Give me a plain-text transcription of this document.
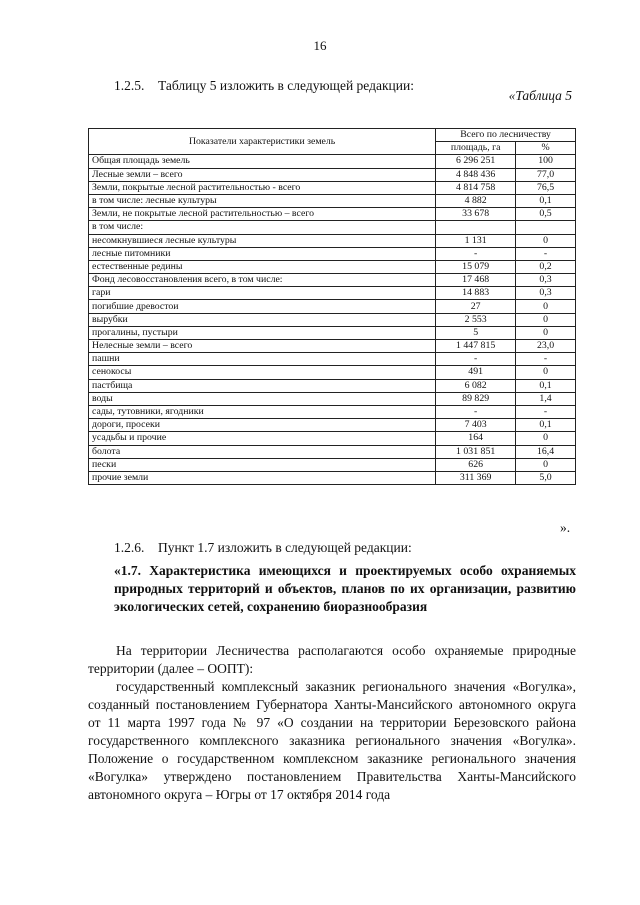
16
1.2.5. Таблицу 5 изложить в следующей редакции:
«Таблица 5
Показатели характеристики земель	Всего по лесничеству	
	площадь, га	%
Общая площадь земель	6 296 251	100
Лесные земли – всего	4 848 436	77,0
Земли, покрытые лесной растительностью - всего	4 814 758	76,5
в том числе: лесные культуры	4 882	0,1
Земли, не покрытые лесной растительностью – всего	33 678	0,5
в том числе:		
несомкнувшиеся лесные культуры	1 131	0
лесные питомники	-	-
естественные редины	15 079	0,2
Фонд лесовосстановления всего, в том числе:	17 468	0,3
гари	14 883	0,3
погибшие древостои	27	0
вырубки	2 553	0
прогалины, пустыри	5	0
Нелесные земли – всего	1 447 815	23,0
пашни	-	-
сенокосы	491	0
пастбища	6 082	0,1
воды	89 829	1,4
сады, тутовники, ягодники	-	-
дороги, просеки	7 403	0,1
усадьбы и прочие	164	0
болота	1 031 851	16,4
пески	626	0
прочие земли	311 369	5,0
».
1.2.6. Пункт 1.7 изложить в следующей редакции:
«1.7. Характеристика имеющихся и проектируемых особо охраняемых природных территорий и объектов, планов по их организации, развитию экологических сетей, сохранению биоразнообразия
На территории Лесничества располагаются особо охраняемые природные территории (далее – ООПТ):
государственный комплексный заказник регионального значения «Вогулка», созданный постановлением Губернатора Ханты-Мансийского автономного округа от 11 марта 1997 года № 97 «О создании на территории Березовского района государственного комплексного заказника регионального значения «Вогулка». Положение о государственном комплексном заказнике регионального значения «Вогулка» утверждено постановлением Правительства Ханты-Мансийского автономного округа – Югры от 17 октября 2014 года
